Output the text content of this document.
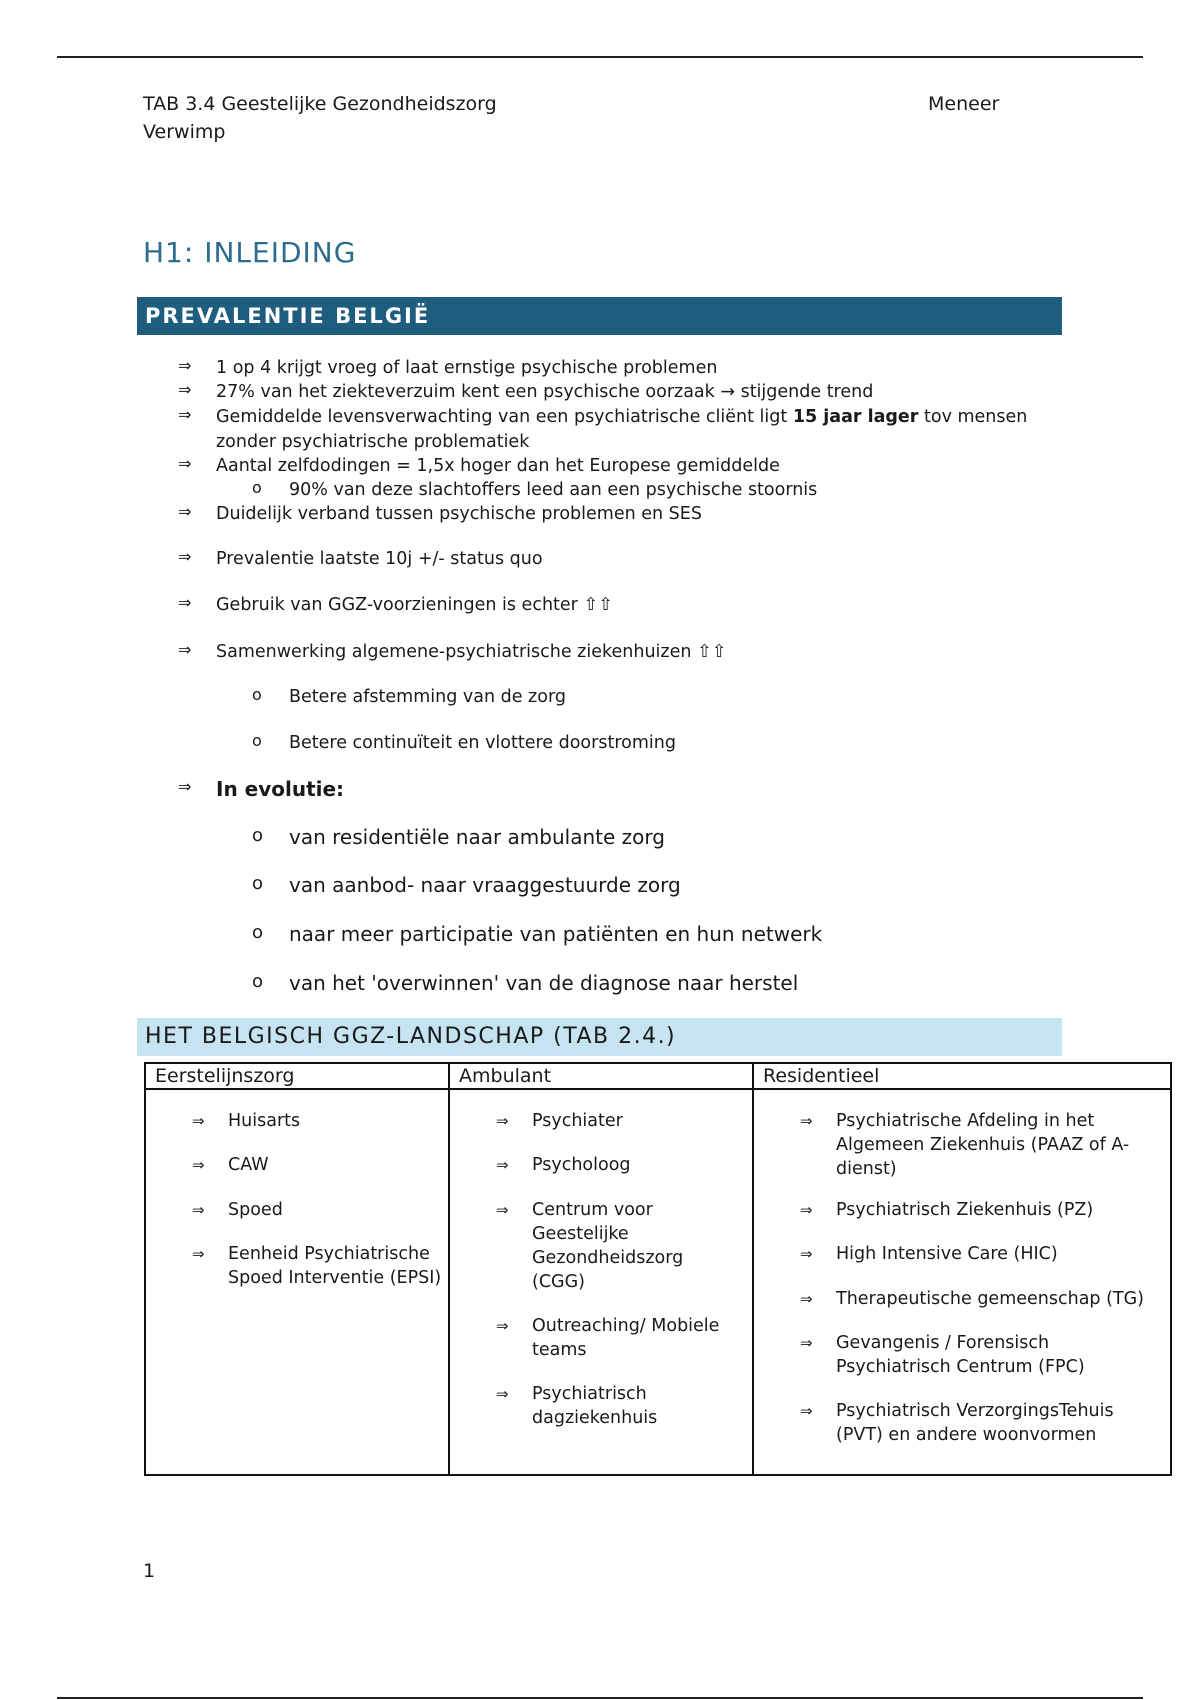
TAB 3.4 Geestelijke Gezondheidszorg	Meneer

Verwimp
H1: INLEIDING
PREVALENTIE BELGIË
⇒ 1 op 4 krijgt vroeg of laat ernstige psychische problemen
⇒ 27% van het ziekteverzuim kent een psychische oorzaak → stijgende trend
⇒ Gemiddelde levensverwachting van een psychiatrische cliënt ligt 15 jaar lager tov mensen zonder psychiatrische problematiek
⇒ Aantal zelfdodingen = 1,5x hoger dan het Europese gemiddelde
o 90% van deze slachtoffers leed aan een psychische stoornis
⇒ Duidelijk verband tussen psychische problemen en SES
⇒ Prevalentie laatste 10j +/- status quo
⇒ Gebruik van GGZ-voorzieningen is echter ⇧⇧
⇒ Samenwerking algemene-psychiatrische ziekenhuizen ⇧⇧
o Betere afstemming van de zorg
o Betere continuïteit en vlottere doorstroming
⇒ In evolutie:
o van residentiële naar ambulante zorg
o van aanbod- naar vraaggestuurde zorg
o naar meer participatie van patiënten en hun netwerk
o van het 'overwinnen' van de diagnose naar herstel
HET BELGISCH GGZ-LANDSCHAP (TAB 2.4.)
Eerstelijnszorg
⇒ Huisarts
⇒ CAW
⇒ Spoed
⇒ Eenheid Psychiatrische Spoed Interventie (EPSI)
Ambulant
⇒ Psychiater
⇒ Psycholoog
⇒ Centrum voor Geestelijke Gezondheidszorg (CGG)
⇒ Outreaching/ Mobiele teams
⇒ Psychiatrisch dagziekenhuis
Residentieel
⇒ Psychiatrische Afdeling in het Algemeen Ziekenhuis (PAAZ of A-dienst)
⇒ Psychiatrisch Ziekenhuis (PZ)
⇒ High Intensive Care (HIC)
⇒ Therapeutische gemeenschap (TG)
⇒ Gevangenis / Forensisch Psychiatrisch Centrum (FPC)
⇒ Psychiatrisch VerzorgingsTehuis (PVT) en andere woonvormen
1
